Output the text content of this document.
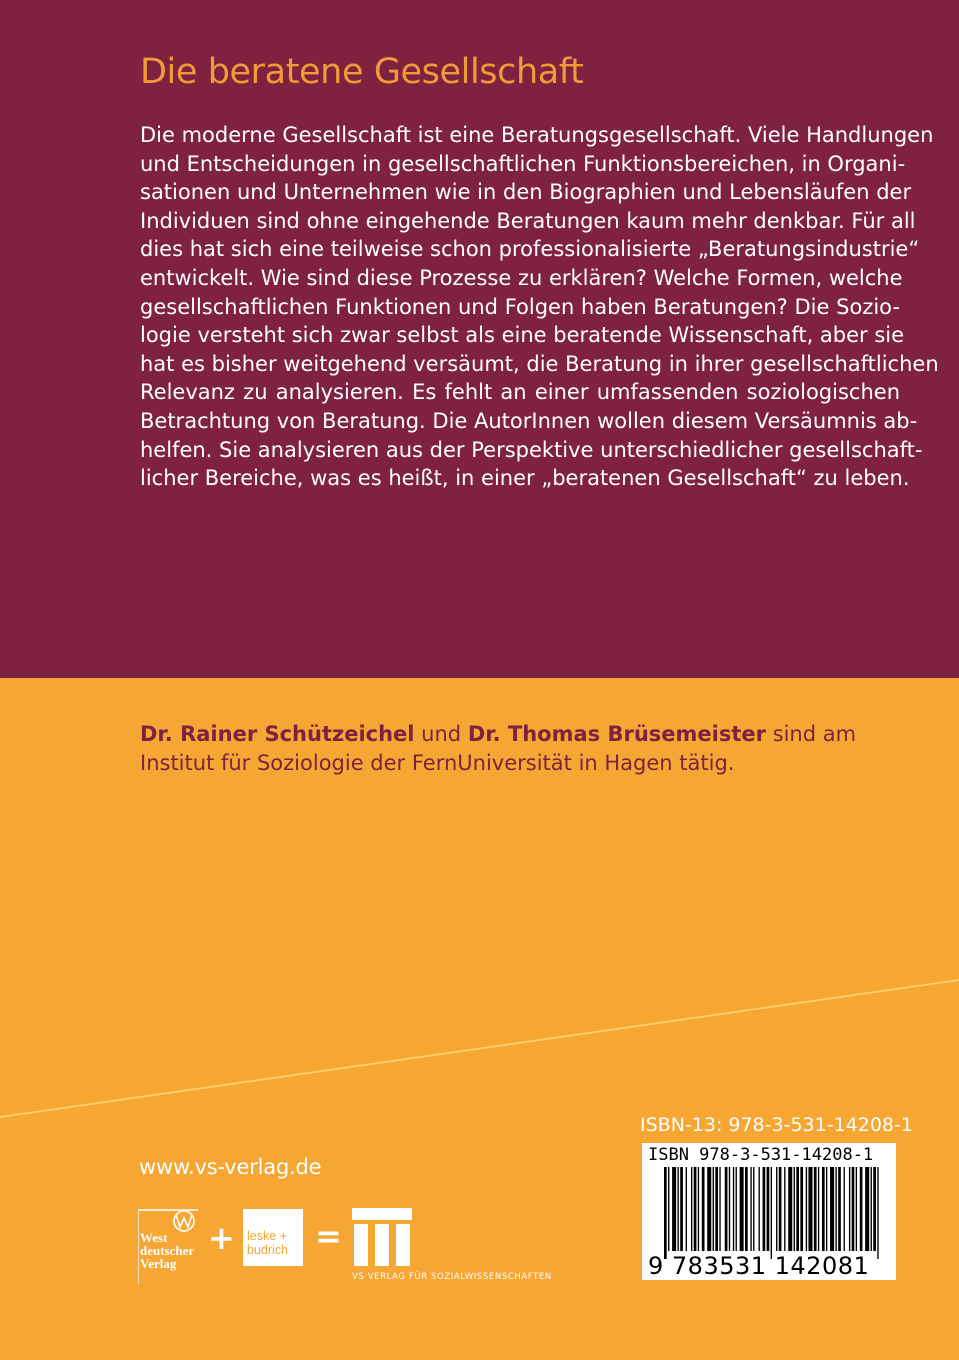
Die beratene Gesellschaft
Die moderne Gesellschaft ist eine Beratungsgesellschaft. Viele Handlungen
und Entscheidungen in gesellschaftlichen Funktionsbereichen, in Organi-
sationen und Unternehmen wie in den Biographien und Lebensläufen der
Individuen sind ohne eingehende Beratungen kaum mehr denkbar. Für all
dies hat sich eine teilweise schon professionalisierte „Beratungsindustrie“
entwickelt. Wie sind diese Prozesse zu erklären? Welche Formen, welche
gesellschaftlichen Funktionen und Folgen haben Beratungen? Die Sozio-
logie versteht sich zwar selbst als eine beratende Wissenschaft, aber sie
hat es bisher weitgehend versäumt, die Beratung in ihrer gesellschaftlichen
Relevanz zu analysieren. Es fehlt an einer umfassenden soziologischen
Betrachtung von Beratung. Die AutorInnen wollen diesem Versäumnis ab-
helfen. Sie analysieren aus der Perspektive unterschiedlicher gesellschaft-
licher Bereiche, was es heißt, in einer „beratenen Gesellschaft“ zu leben.
Dr. Rainer Schützeichel und Dr. Thomas Brüsemeister sind am Institut für Soziologie der FernUniversität in Hagen tätig.
ISBN-13: 978-3-531-14208-1
ISBN 978-3-531-14208-1
9 783531 142081
www.vs-verlag.de
West
deutscher
Verlag
+ leske +
budrich =
VS VERLAG FÜR SOZIALWISSENSCHAFTEN
